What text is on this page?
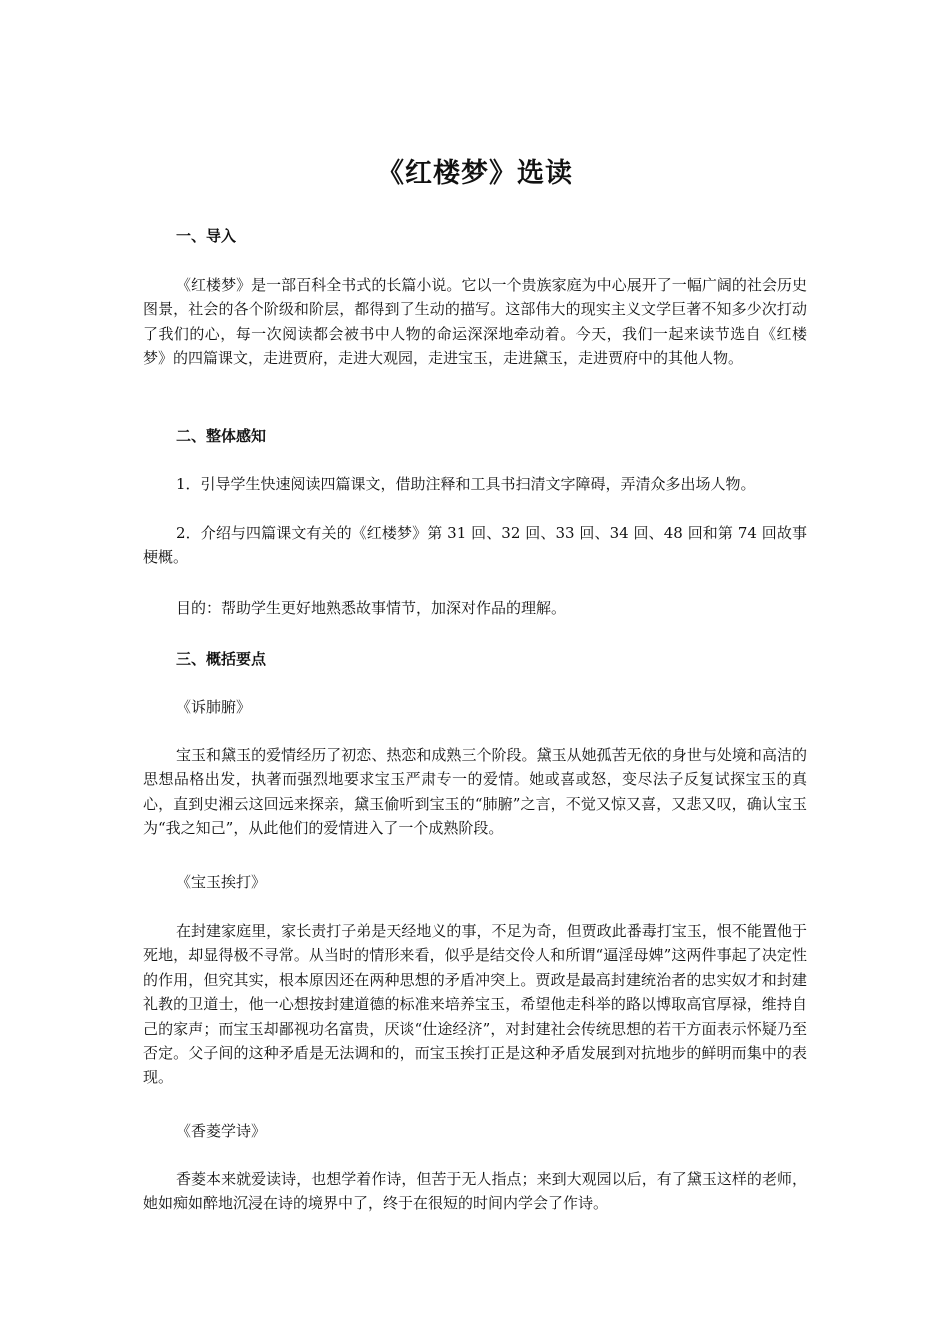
《红楼梦》选读
一、导入

《红楼梦》是一部百科全书式的长篇小说。它以一个贵族家庭为中心展开了一幅广阔的社会历史图景，社会的各个阶级和阶层，都得到了生动的描写。这部伟大的现实主义文学巨著不知多少次打动了我们的心，每一次阅读都会被书中人物的命运深深地牵动着。今天，我们一起来读节选自《红楼梦》的四篇课文，走进贾府，走进大观园，走进宝玉，走进黛玉，走进贾府中的其他人物。

二、整体感知

1．引导学生快速阅读四篇课文，借助注释和工具书扫清文字障碍，弄清众多出场人物。

2．介绍与四篇课文有关的《红楼梦》第 31 回、32 回、33 回、34 回、48 回和第 74 回故事梗概。

目的：帮助学生更好地熟悉故事情节，加深对作品的理解。

三、概括要点

《诉肺腑》

宝玉和黛玉的爱情经历了初恋、热恋和成熟三个阶段。黛玉从她孤苦无依的身世与处境和高洁的思想品格出发，执著而强烈地要求宝玉严肃专一的爱情。她或喜或怒，变尽法子反复试探宝玉的真心，直到史湘云这回远来探亲，黛玉偷听到宝玉的“肺腑”之言，不觉又惊又喜，又悲又叹，确认宝玉为“我之知己”，从此他们的爱情进入了一个成熟阶段。

《宝玉挨打》

在封建家庭里，家长责打子弟是天经地义的事，不足为奇，但贾政此番毒打宝玉，恨不能置他于死地，却显得极不寻常。从当时的情形来看，似乎是结交伶人和所谓“逼淫母婢”这两件事起了决定性的作用，但究其实，根本原因还在两种思想的矛盾冲突上。贾政是最高封建统治者的忠实奴才和封建礼教的卫道士，他一心想按封建道德的标准来培养宝玉，希望他走科举的路以博取高官厚禄，维持自己的家声；而宝玉却鄙视功名富贵，厌谈“仕途经济”，对封建社会传统思想的若干方面表示怀疑乃至否定。父子间的这种矛盾是无法调和的，而宝玉挨打正是这种矛盾发展到对抗地步的鲜明而集中的表现。

《香菱学诗》

香菱本来就爱读诗，也想学着作诗，但苦于无人指点；来到大观园以后，有了黛玉这样的老师，她如痴如醉地沉浸在诗的境界中了，终于在很短的时间内学会了作诗。
